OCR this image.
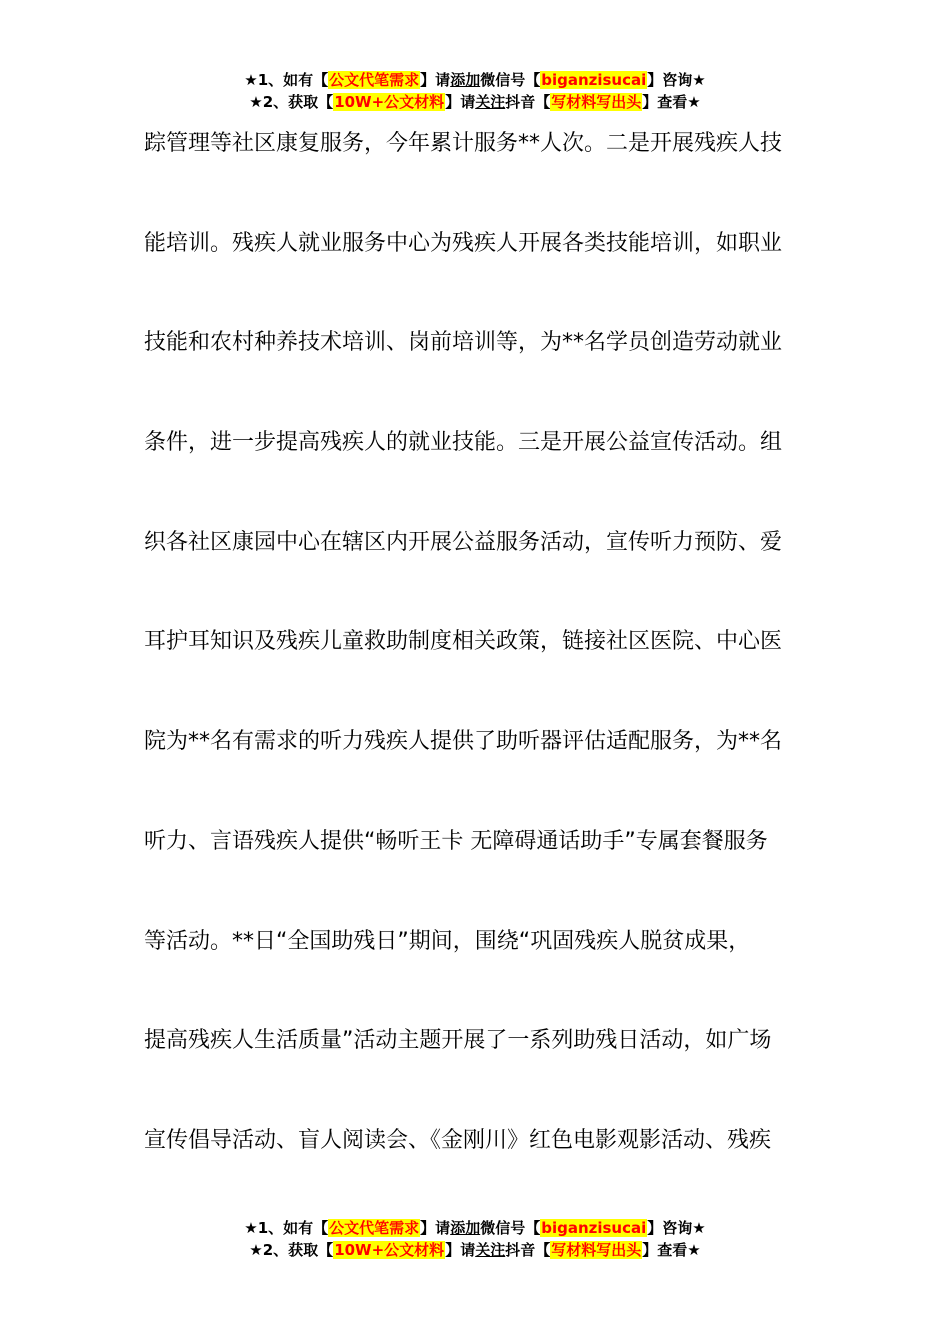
★1、如有【公文代笔需求】请添加微信号【biganzisucai】咨询★
★2、获取【10W+公文材料】请关注抖音【写材料写出头】查看★
踪管理等社区康复服务，今年累计服务**人次。二是开展残疾人技
能培训。残疾人就业服务中心为残疾人开展各类技能培训，如职业
技能和农村种养技术培训、岗前培训等，为**名学员创造劳动就业
条件，进一步提高残疾人的就业技能。三是开展公益宣传活动。组
织各社区康园中心在辖区内开展公益服务活动，宣传听力预防、爱
耳护耳知识及残疾儿童救助制度相关政策，链接社区医院、中心医
院为**名有需求的听力残疾人提供了助听器评估适配服务，为**名
听力、言语残疾人提供“畅听王卡 无障碍通话助手”专属套餐服务
等活动。**日“全国助残日”期间，围绕“巩固残疾人脱贫成果，
提高残疾人生活质量”活动主题开展了一系列助残日活动，如广场
宣传倡导活动、盲人阅读会、《金刚川》红色电影观影活动、残疾
★1、如有【公文代笔需求】请添加微信号【biganzisucai】咨询★
★2、获取【10W+公文材料】请关注抖音【写材料写出头】查看★
